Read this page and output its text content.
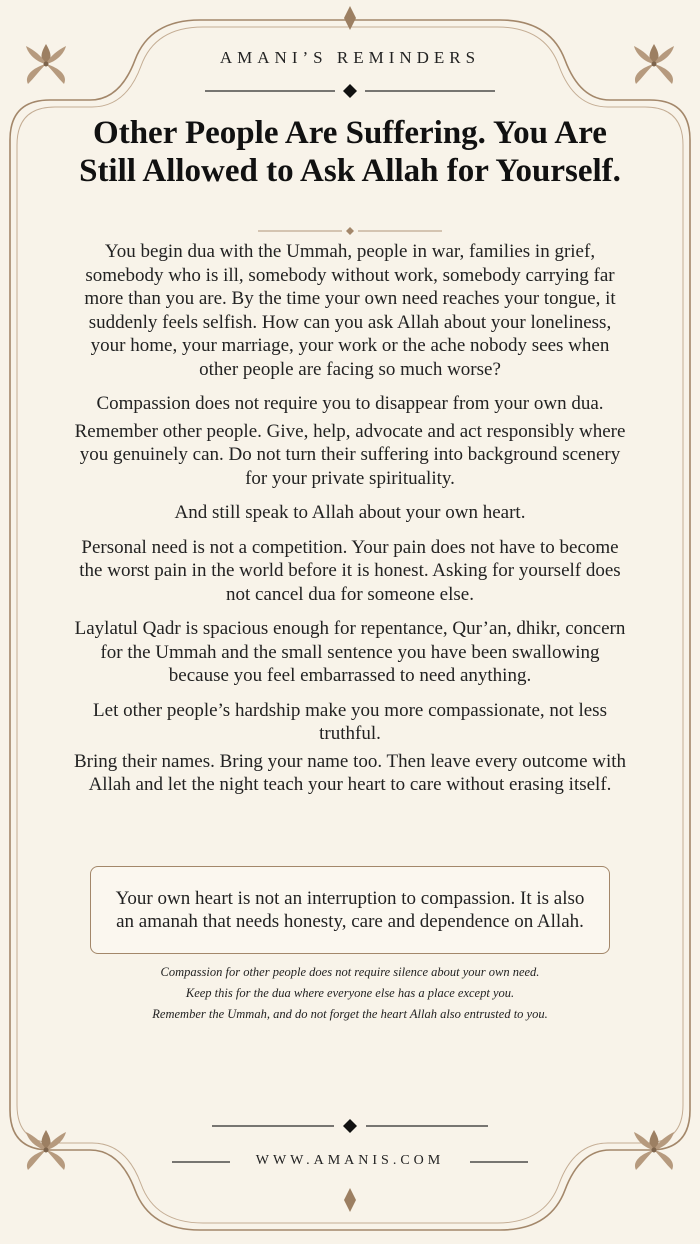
AMANI’S REMINDERS
Other People Are Suffering. You Are Still Allowed to Ask Allah for Yourself.

You begin dua with the Ummah, people in war, families in grief, somebody who is ill, somebody without work, somebody carrying far more than you are. By the time your own need reaches your tongue, it suddenly feels selfish. How can you ask Allah about your loneliness, your home, your marriage, your work or the ache nobody sees when other people are facing so much worse?

Compassion does not require you to disappear from your own dua.

Remember other people. Give, help, advocate and act responsibly where you genuinely can. Do not turn their suffering into background scenery for your private spirituality.

And still speak to Allah about your own heart.

Personal need is not a competition. Your pain does not have to become the worst pain in the world before it is honest. Asking for yourself does not cancel dua for someone else.

Laylatul Qadr is spacious enough for repentance, Qur’an, dhikr, concern for the Ummah and the small sentence you have been swallowing because you feel embarrassed to need anything.

Let other people’s hardship make you more compassionate, not less truthful.

Bring their names. Bring your name too. Then leave every outcome with Allah and let the night teach your heart to care without erasing itself.

Your own heart is not an interruption to compassion. It is also an amanah that needs honesty, care and dependence on Allah.
Compassion for other people does not require silence about your own need.
Keep this for the dua where everyone else has a place except you.
Remember the Ummah, and do not forget the heart Allah also entrusted to you.
WWW.AMANIS.COM
